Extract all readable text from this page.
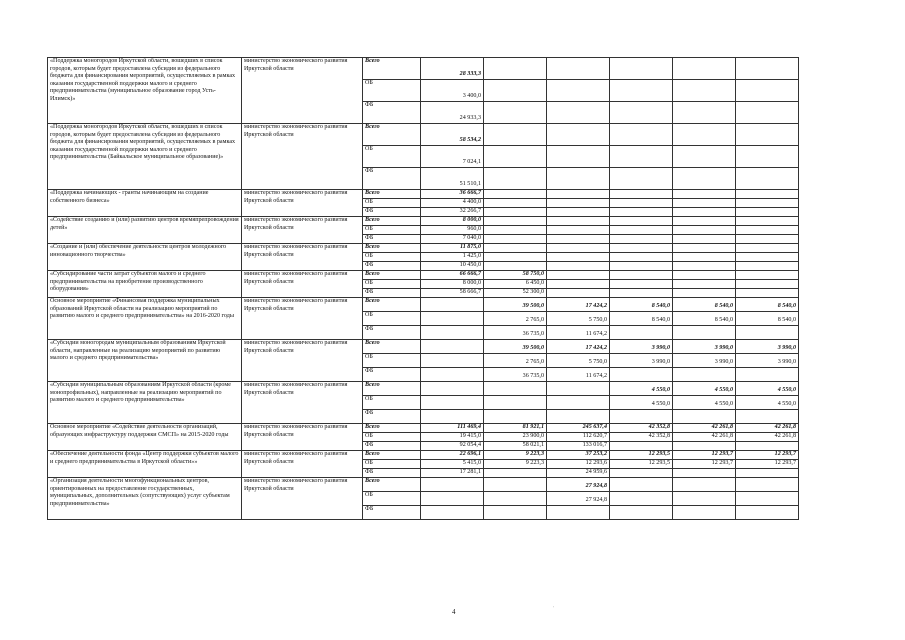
«Поддержка моногородов Иркутской области, вошедших в список городов, которым будет предоставлена субсидия из федерального бюджета для финансирования мероприятий, осуществляемых в рамках оказания государственной поддержки малого и среднего предпринимательства (муниципальное образование город Усть-Илимск)»	министерство экономического развития Иркутской области	Всего	28 333,3					
		ОБ	3 400,0					
		ФБ	24 933,3					
«Поддержка моногородов Иркутской области, вошедших в список городов, которым будет предоставлена субсидия из федерального бюджета для финансирования мероприятий, осуществляемых в рамках оказания государственной поддержки малого и среднего предпринимательства (Байкальское муниципальное образование)»	министерство экономического развития Иркутской области	Всего	58 534,2					
		ОБ	7 024,1					
		ФБ	51 510,1					
«Поддержка начинающих - гранты начинающим на создание собственного бизнеса»	министерство экономического развития Иркутской области	Всего	36 666,7					
		ОБ	4 400,0					
		ФБ	32 266,7					
«Содействие созданию и (или) развитию центров времяпрепровождения детей»	министерство экономического развития Иркутской области	Всего	8 000,0					
		ОБ	960,0					
		ФБ	7 040,0					
«Создание и (или) обеспечение деятельности центров молодежного инновационного творчества»	министерство экономического развития Иркутской области	Всего	11 875,0					
		ОБ	1 425,0					
		ФБ	10 450,0					
«Субсидирование части затрат субъектов малого и среднего предпринимательства на приобретение производственного оборудования»	министерство экономического развития Иркутской области	Всего	66 666,7	58 750,0				
		ОБ	8 000,0	6 450,0				
		ФБ	58 666,7	52 300,0				
Основное мероприятие «Финансовая поддержка муниципальных образований Иркутской области на реализацию мероприятий по развитию малого и среднего предпринимательства» на 2016-2020 годы	министерство экономического развития Иркутской области	Всего		39 500,0	17 424,2	8 540,0	8 540,0	8 540,0
		ОБ		2 765,0	5 750,0	8 540,0	8 540,0	8 540,0
		ФБ		36 735,0	11 674,2			
«Субсидии моногородам муниципальным образованиям Иркутской области, направленные на реализацию мероприятий по развитию малого и среднего предпринимательства»	министерство экономического развития Иркутской области	Всего		39 500,0	17 424,2	3 990,0	3 990,0	3 990,0
		ОБ		2 765,0	5 750,0	3 990,0	3 990,0	3 990,0
		ФБ		36 735,0	11 674,2			
«Субсидии муниципальным образованиям Иркутской области (кроме монопрофильных), направленные на реализацию мероприятий по развитию малого и среднего предпринимательства»	министерство экономического развития Иркутской области	Всего				4 550,0	4 550,0	4 550,0
		ОБ				4 550,0	4 550,0	4 550,0
		ФБ						
Основное мероприятие «Содействие деятельности организаций, образующих инфраструктуру поддержки СМСП» на 2015-2020 годы	министерство экономического развития Иркутской области	Всего	111 469,4	81 921,1	245 637,4	42 352,8	42 261,8	42 261,8
		ОБ	19 415,0	23 900,0	112 620,7	42 352,8	42 261,8	42 261,8
		ФБ	92 054,4	58 021,1	133 016,7			
«Обеспечение деятельности фонда «Центр поддержки субъектов малого и среднего предпринимательства в Иркутской области»»	министерство экономического развития Иркутской области	Всего	22 696,1	9 223,3	37 253,2	12 293,5	12 293,7	12 293,7
		ОБ	5 415,0	9 223,3	12 293,6	12 293,5	12 293,7	12 293,7
		ФБ	17 281,1		24 959,6			
«Организация деятельности многофункциональных центров, ориентированных на предоставление государственных, муниципальных, дополнительных (сопутствующих) услуг субъектам предпринимательства»	министерство экономического развития Иркутской области	Всего			27 924,8			
		ОБ			27 924,8			
		ФБ						
4	'
